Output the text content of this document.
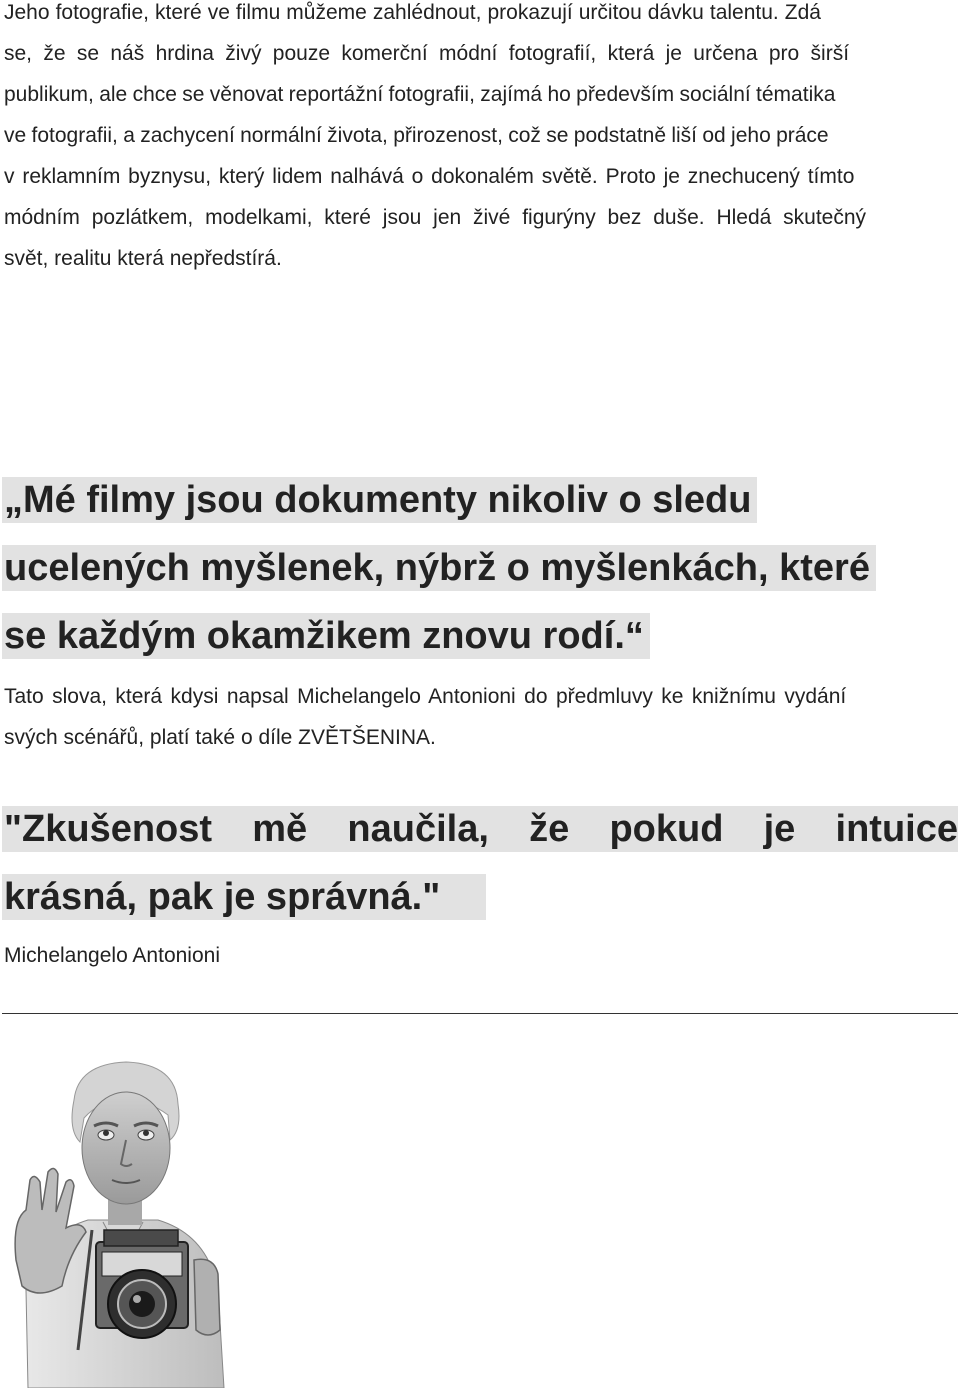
Jeho fotografie, které ve filmu můžeme zahlédnout, prokazují určitou dávku talentu. Zdá
se, že se náš hrdina živý pouze komerční módní fotografií, která je určena pro širší
publikum, ale chce se věnovat reportážní fotografii, zajímá ho především sociální tématika
ve fotografii, a zachycení normální života, přirozenost, což se podstatně liší od jeho práce
v reklamním byznysu, který lidem nalhává o dokonalém světě. Proto je znechucený tímto
módním pozlátkem, modelkami, které jsou jen živé figurýny bez duše. Hledá skutečný
svět, realitu která nepředstírá.
„Mé filmy jsou dokumenty nikoliv o sledu
ucelených myšlenek, nýbrž o myšlenkách, které
se každým okamžikem znovu rodí.“
Tato slova, která kdysi napsal Michelangelo Antonioni do předmluvy ke knižnímu vydání
svých scénářů, platí také o díle ZVĚTŠENINA.
"Zkušenost mě naučila, že pokud je intuice
krásná, pak je správná."

Michelangelo Antonioni
